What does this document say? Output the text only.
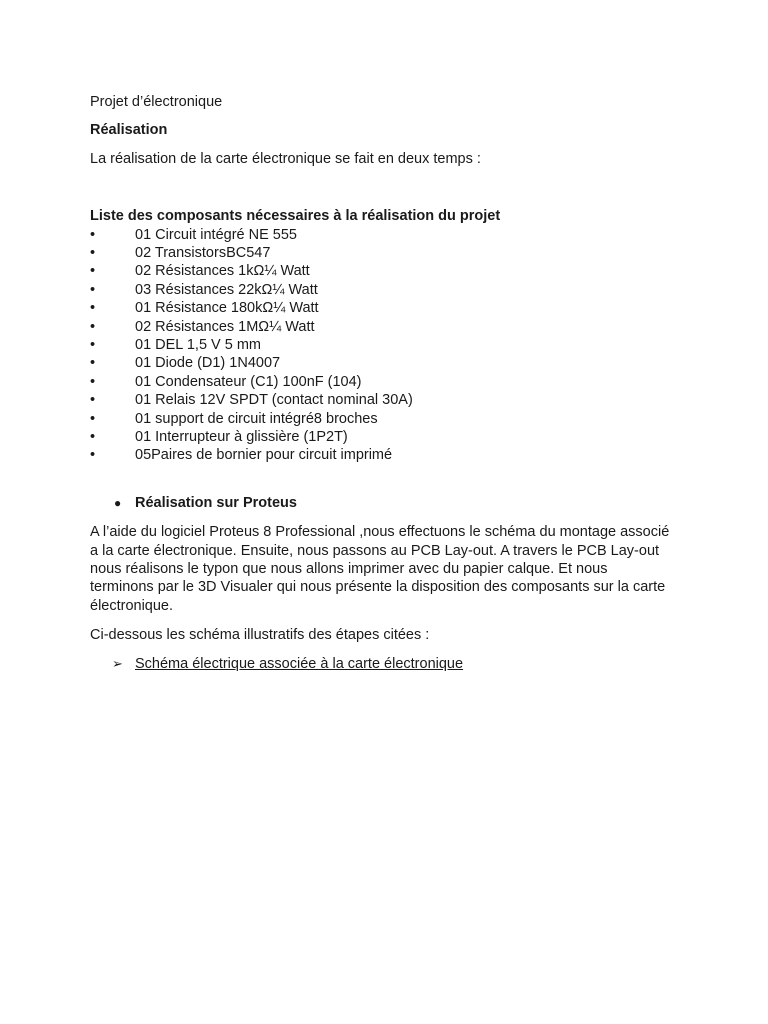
Projet d’électronique

Réalisation

La réalisation de la carte électronique se fait en deux temps :

Liste des composants nécessaires à la réalisation du projet

•	01 Circuit intégré NE 555
•	02 TransistorsBC547
•	02 Résistances 1kΩ¼ Watt
•	03 Résistances 22kΩ¼ Watt
•	01 Résistance 180kΩ¼ Watt
•	02 Résistances 1MΩ¼ Watt
•	01 DEL 1,5 V 5 mm
•	01 Diode (D1) 1N4007
•	01 Condensateur (C1) 100nF (104)
•	01 Relais 12V SPDT (contact nominal 30A)
•	01 support de circuit intégré8 broches
•	01 Interrupteur à glissière (1P2T)
•	05Paires de bornier pour circuit imprimé

● Réalisation sur Proteus

A l’aide du logiciel Proteus 8 Professional ,nous effectuons le schéma du montage associé a la carte électronique. Ensuite, nous passons au PCB Lay-out. A travers le PCB Lay-out nous réalisons le typon que nous allons imprimer avec du papier calque. Et nous terminons par le 3D Visualer qui nous présente la disposition des composants sur la carte électronique.

Ci-dessous les schéma illustratifs des étapes citées :

➢ Schéma électrique associée à la carte électronique
